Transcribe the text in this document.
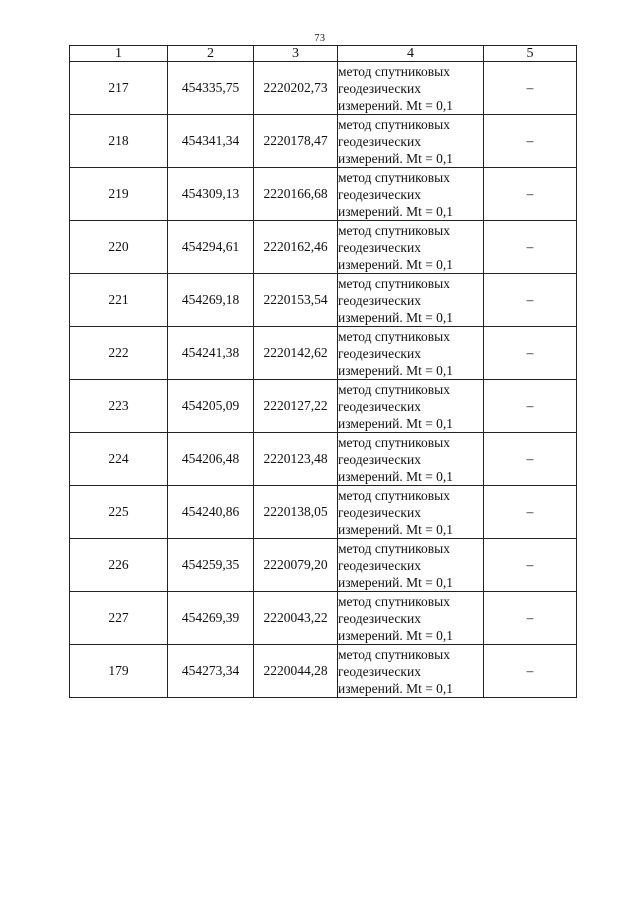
73
1	2	3	4	5
217	454335,75	2220202,73	метод спутниковых
геодезических
измерений. Mt = 0,1	–
218	454341,34	2220178,47	метод спутниковых
геодезических
измерений. Mt = 0,1	–
219	454309,13	2220166,68	метод спутниковых
геодезических
измерений. Mt = 0,1	–
220	454294,61	2220162,46	метод спутниковых
геодезических
измерений. Mt = 0,1	–
221	454269,18	2220153,54	метод спутниковых
геодезических
измерений. Mt = 0,1	–
222	454241,38	2220142,62	метод спутниковых
геодезических
измерений. Mt = 0,1	–
223	454205,09	2220127,22	метод спутниковых
геодезических
измерений. Mt = 0,1	–
224	454206,48	2220123,48	метод спутниковых
геодезических
измерений. Mt = 0,1	–
225	454240,86	2220138,05	метод спутниковых
геодезических
измерений. Mt = 0,1	–
226	454259,35	2220079,20	метод спутниковых
геодезических
измерений. Mt = 0,1	–
227	454269,39	2220043,22	метод спутниковых
геодезических
измерений. Mt = 0,1	–
179	454273,34	2220044,28	метод спутниковых
геодезических
измерений. Mt = 0,1	–
